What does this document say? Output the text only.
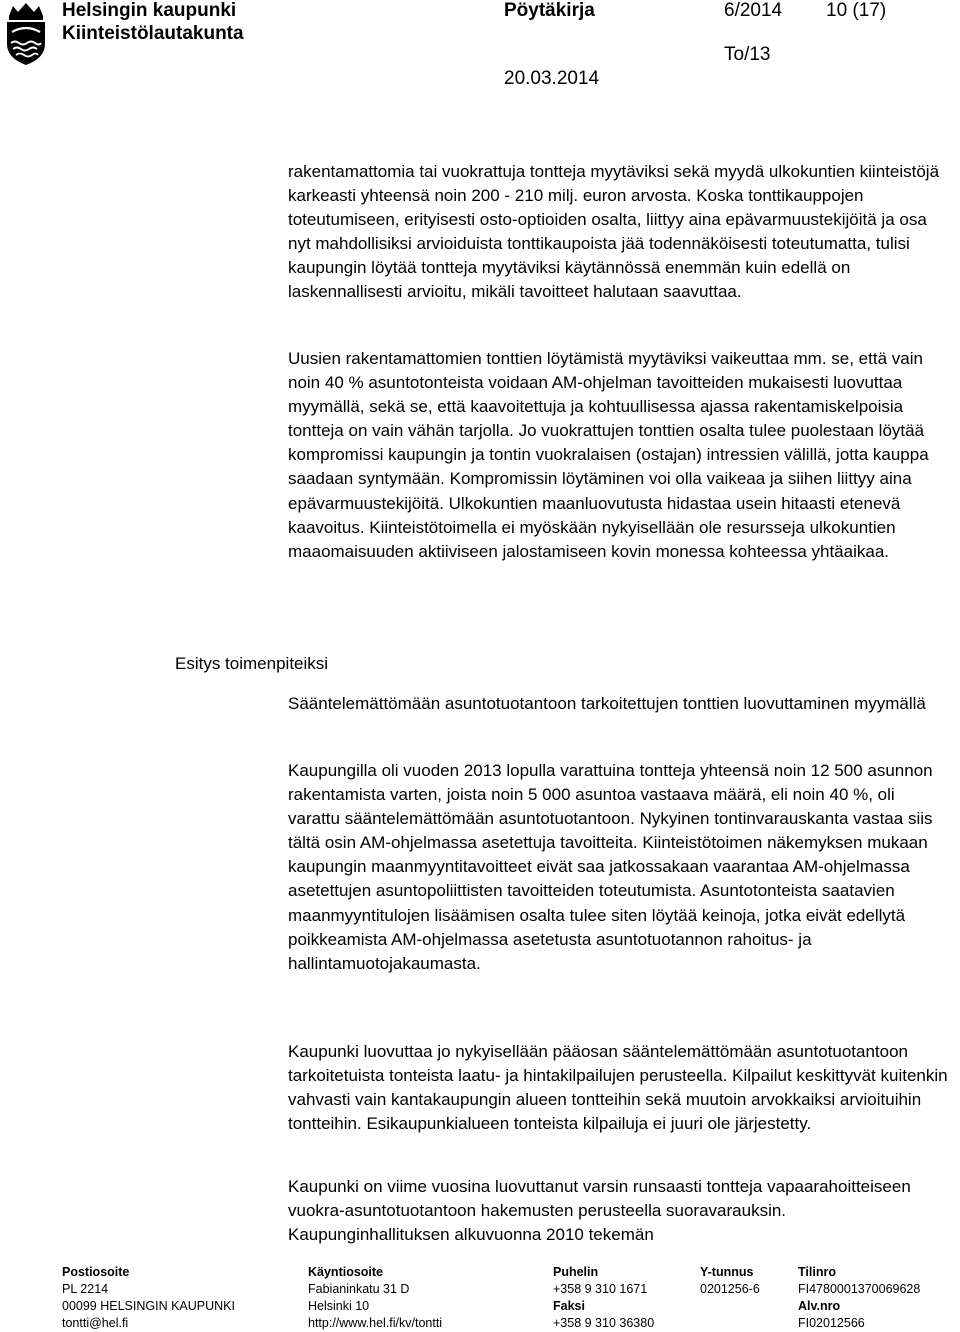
Helsingin kaupunki
Kiinteistölautakunta
Pöytäkirja	6/2014 10 (17)
To/13
20.03.2014
Esitys toimenpiteiksi

rakentamattomia tai vuokrattuja tontteja myytäviksi sekä myydä ulkokuntien kiinteistöjä karkeasti yhteensä noin 200 - 210 milj. euron arvosta. Koska tonttikauppojen toteutumiseen, erityisesti osto-optioiden osalta, liittyy aina epävarmuustekijöitä ja osa nyt mahdollisiksi arvioiduista tonttikaupoista jää todennäköisesti toteutumatta, tulisi kaupungin löytää tontteja myytäviksi käytännössä enemmän kuin edellä on laskennallisesti arvioitu, mikäli tavoitteet halutaan saavuttaa.

Uusien rakentamattomien tonttien löytämistä myytäviksi vaikeuttaa mm. se, että vain noin 40 % asuntotonteista voidaan AM-ohjelman tavoitteiden mukaisesti luovuttaa myymällä, sekä se, että kaavoitettuja ja kohtuullisessa ajassa rakentamiskelpoisia tontteja on vain vähän tarjolla. Jo vuokrattujen tonttien osalta tulee puolestaan löytää kompromissi kaupungin ja tontin vuokralaisen (ostajan) intressien välillä, jotta kauppa saadaan syntymään. Kompromissin löytäminen voi olla vaikeaa ja siihen liittyy aina epävarmuustekijöitä. Ulkokuntien maanluovutusta hidastaa usein hitaasti etenevä kaavoitus. Kiinteistötoimella ei myöskään nykyisellään ole resursseja ulkokuntien maaomaisuuden aktiiviseen jalostamiseen kovin monessa kohteessa yhtäaikaa.

Sääntelemättömään asuntotuotantoon tarkoitettujen tonttien luovuttaminen myymällä

Kaupungilla oli vuoden 2013 lopulla varattuina tontteja yhteensä noin 12 500 asunnon rakentamista varten, joista noin 5 000 asuntoa vastaava määrä, eli noin 40 %, oli varattu sääntelemättömään asuntotuotantoon. Nykyinen tontinvarauskanta vastaa siis tältä osin AM-ohjelmassa asetettuja tavoitteita. Kiinteistötoimen näkemyksen mukaan kaupungin maanmyyntitavoitteet eivät saa jatkossakaan vaarantaa AM-ohjelmassa asetettujen asuntopoliittisten tavoitteiden toteutumista. Asuntotonteista saatavien maanmyyntitulojen lisäämisen osalta tulee siten löytää keinoja, jotka eivät edellytä poikkeamista AM-ohjelmassa asetetusta asuntotuotannon rahoitus- ja hallintamuotojakaumasta.

Kaupunki luovuttaa jo nykyisellään pääosan sääntelemättömään asuntotuotantoon tarkoitetuista tonteista laatu- ja hintakilpailujen perusteella. Kilpailut keskittyvät kuitenkin vahvasti vain kantakaupungin alueen tontteihin sekä muutoin arvokkaiksi arvioituihin tontteihin. Esikaupunkialueen tonteista kilpailuja ei juuri ole järjestetty.

Kaupunki on viime vuosina luovuttanut varsin runsaasti tontteja vapaarahoitteiseen vuokra-asuntotuotantoon hakemusten perusteella suoravarauksin. Kaupunginhallituksen alkuvuonna 2010 tekemän

Postiosoite
PL 2214
00099 HELSINGIN KAUPUNKI
tontti@hel.fi
Käyntiosoite
Fabianinkatu 31 D
Helsinki 10
http://www.hel.fi/kv/tontti
Puhelin
+358 9 310 1671
Faksi
+358 9 310 36380
Y-tunnus
0201256-6
Tilinro
FI4780001370069628
Alv.nro
FI02012566
